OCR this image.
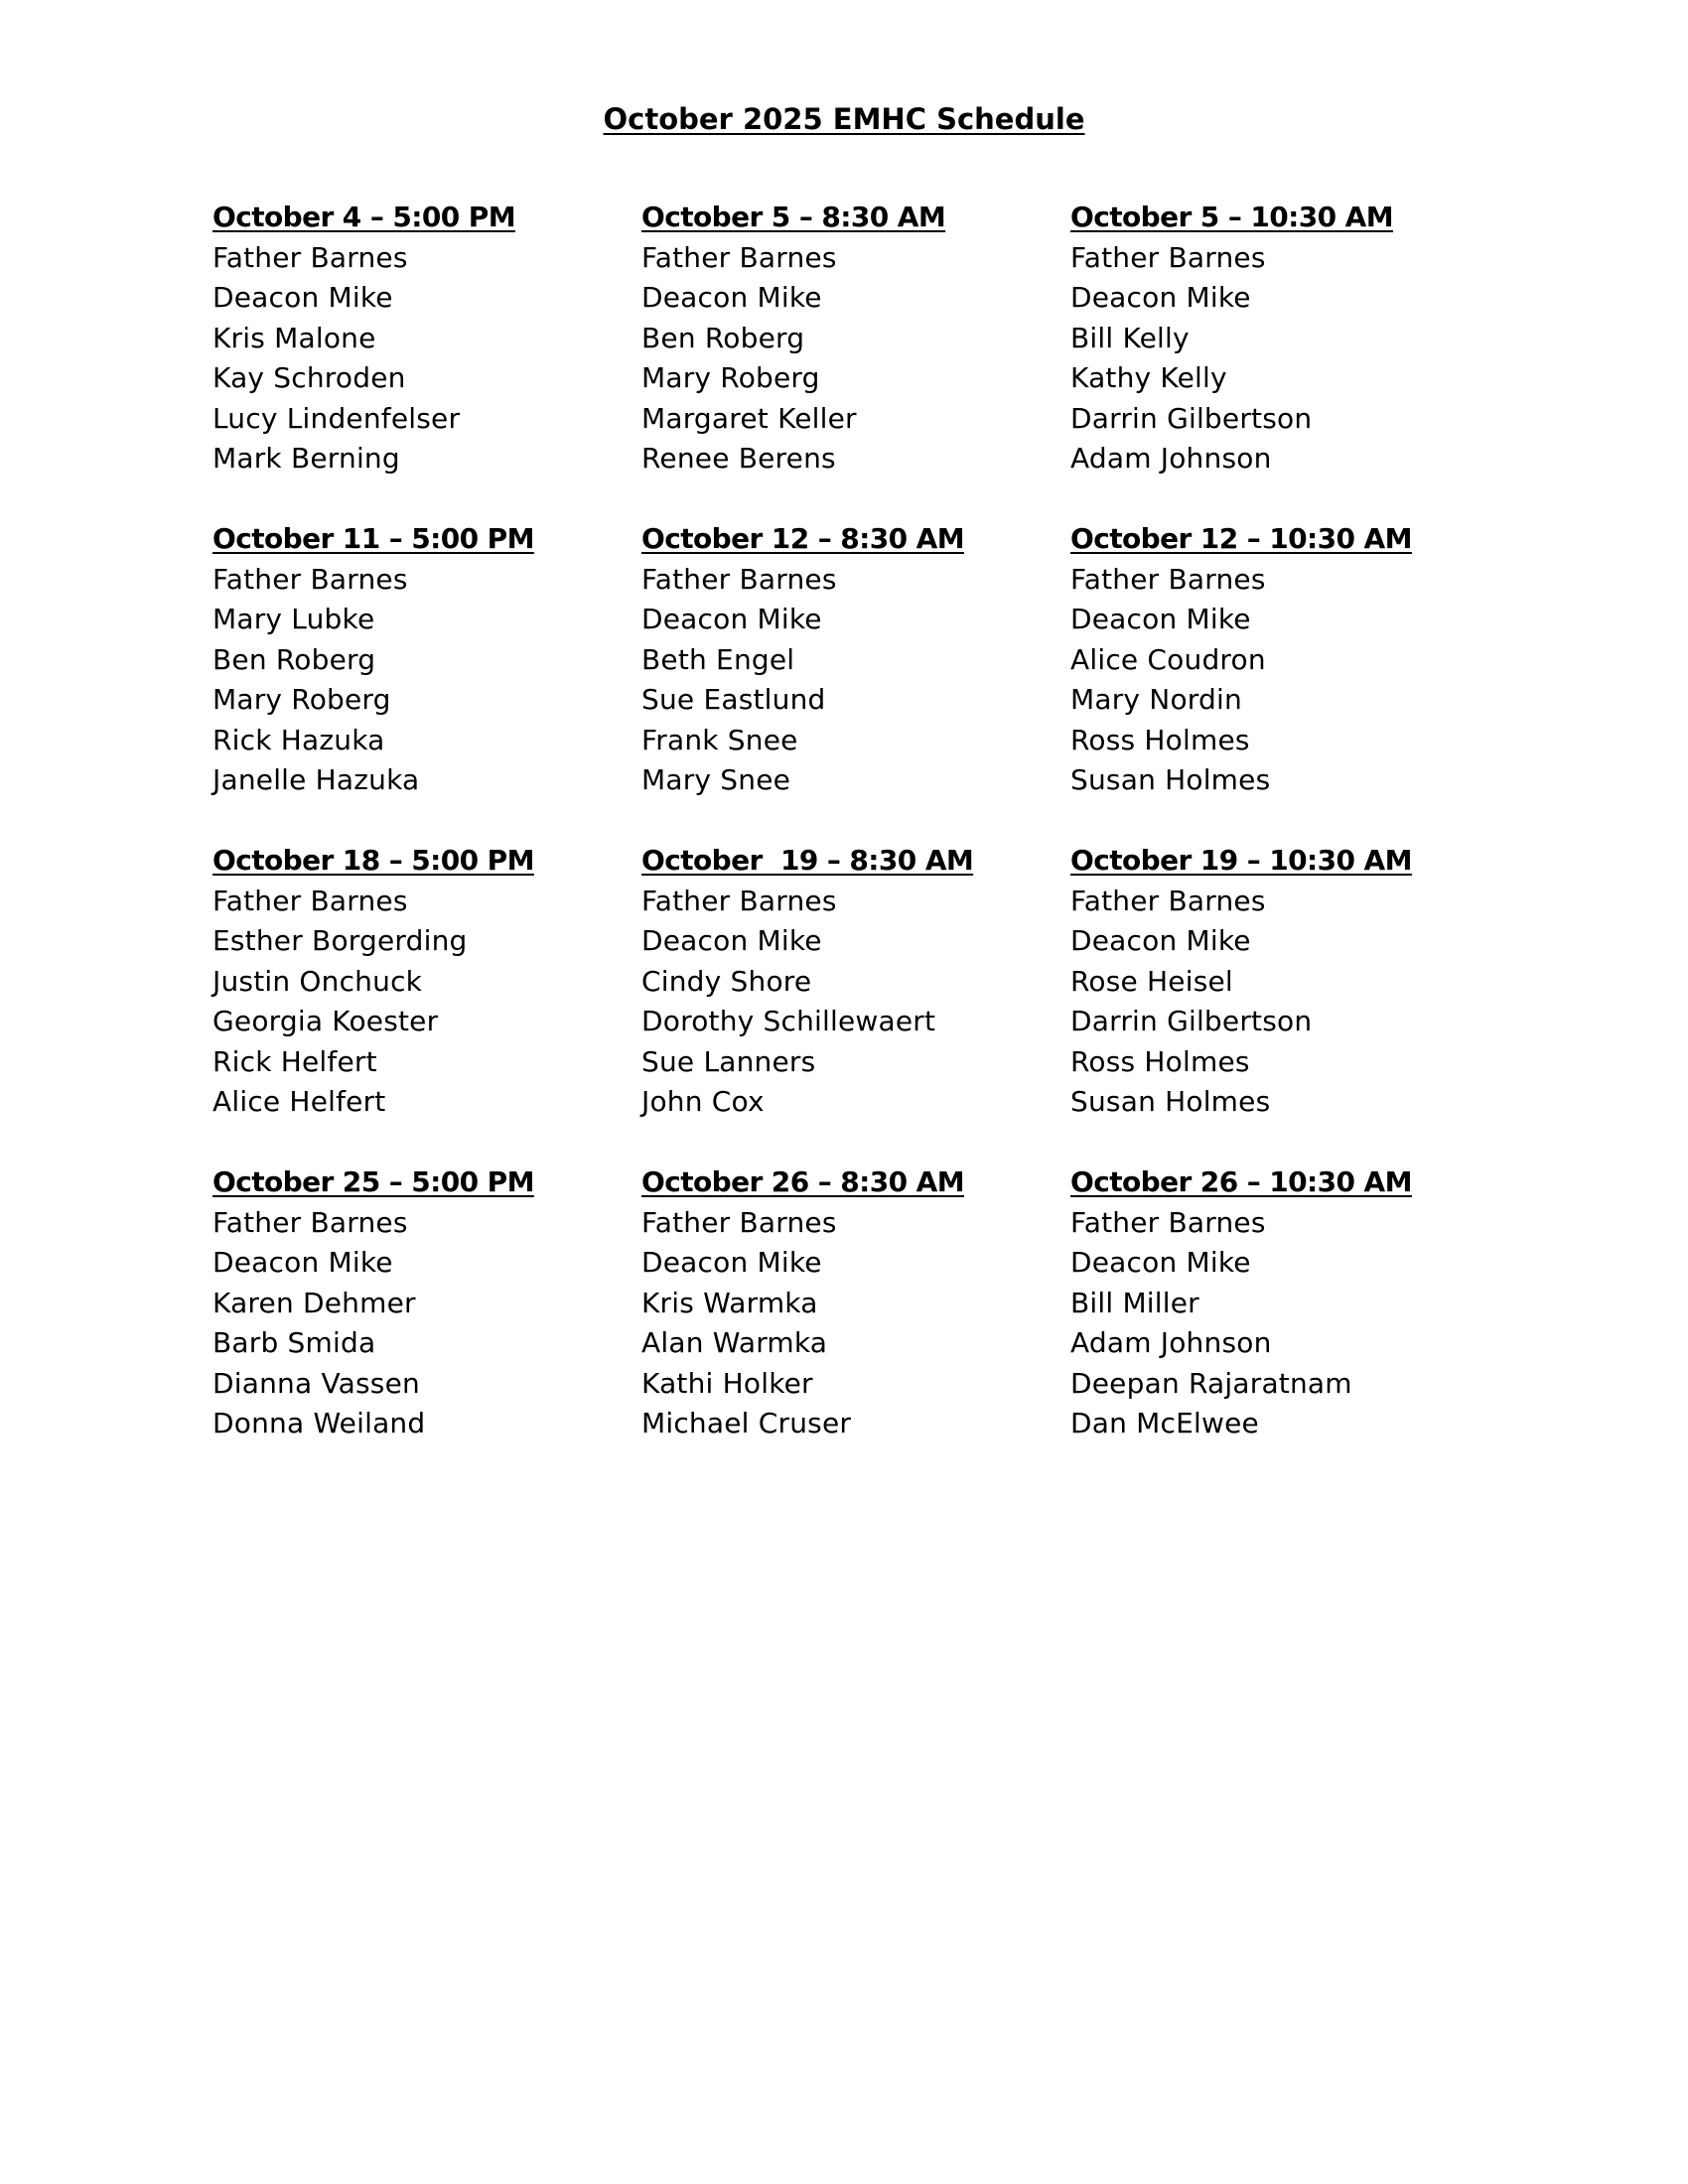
October 2025 EMHC Schedule
October 4 – 5:00 PM
Father Barnes
Deacon Mike
Kris Malone
Kay Schroden
Lucy Lindenfelser
Mark Berning
October 5 – 8:30 AM
Father Barnes
Deacon Mike
Ben Roberg
Mary Roberg
Margaret Keller
Renee Berens
October 5 – 10:30 AM
Father Barnes
Deacon Mike
Bill Kelly
Kathy Kelly
Darrin Gilbertson
Adam Johnson
October 11 – 5:00 PM
Father Barnes
Mary Lubke
Ben Roberg
Mary Roberg
Rick Hazuka
Janelle Hazuka
October 12 – 8:30 AM
Father Barnes
Deacon Mike
Beth Engel
Sue Eastlund
Frank Snee
Mary Snee
October 12 – 10:30 AM
Father Barnes
Deacon Mike
Alice Coudron
Mary Nordin
Ross Holmes
Susan Holmes
October 18 – 5:00 PM
Father Barnes
Esther Borgerding
Justin Onchuck
Georgia Koester
Rick Helfert
Alice Helfert
October  19 – 8:30 AM
Father Barnes
Deacon Mike
Cindy Shore
Dorothy Schillewaert
Sue Lanners
John Cox
October 19 – 10:30 AM
Father Barnes
Deacon Mike
Rose Heisel
Darrin Gilbertson
Ross Holmes
Susan Holmes
October 25 – 5:00 PM
Father Barnes
Deacon Mike
Karen Dehmer
Barb Smida
Dianna Vassen
Donna Weiland
October 26 – 8:30 AM
Father Barnes
Deacon Mike
Kris Warmka
Alan Warmka
Kathi Holker
Michael Cruser
October 26 – 10:30 AM
Father Barnes
Deacon Mike
Bill Miller
Adam Johnson
Deepan Rajaratnam
Dan McElwee
